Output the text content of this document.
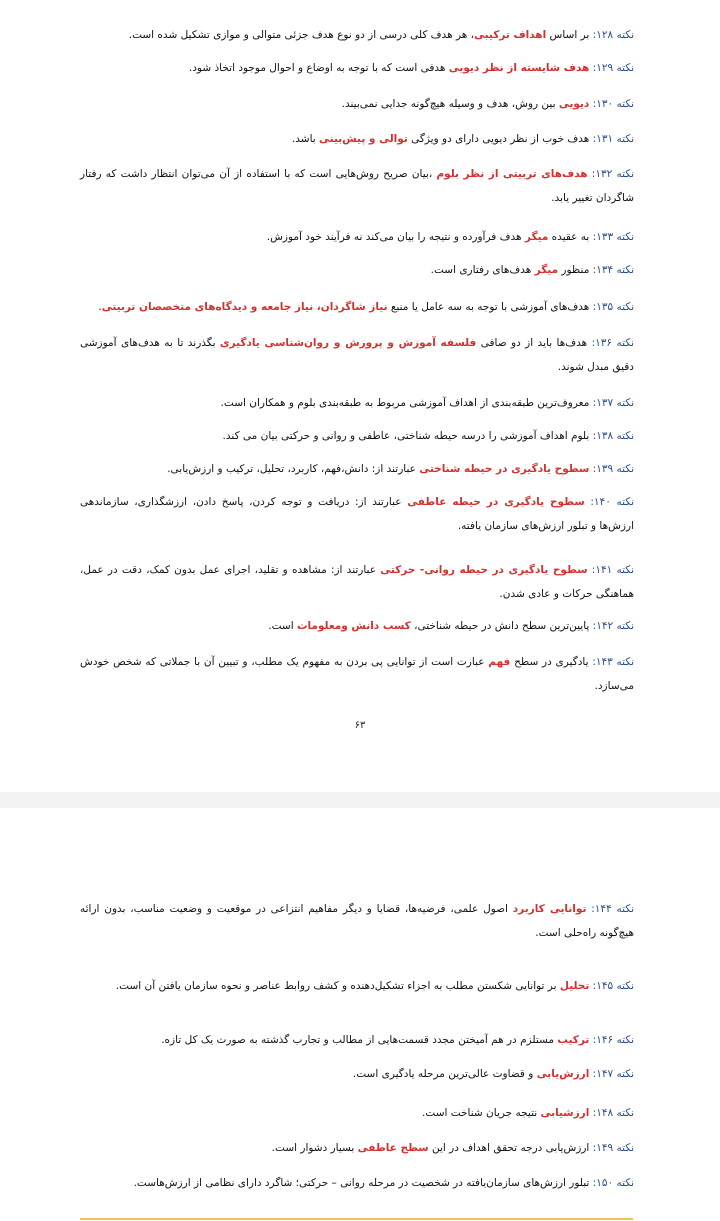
نکته ۱۲۸: بر اساس اهداف ترکیبی، هر هدف کلی درسی از دو نوع هدف جزئی متوالی و موازی تشکیل شده است.

نکته ۱۲۹: هدف شایسته از نظر دیویی هدفی است که با توجه به اوضاع و احوال موجود اتخاذ شود.

نکته ۱۳۰: دیویی بین روش، هدف و وسیله هیچ‌گونه جدایی نمی‌بیند.

نکته ۱۳۱: هدف خوب از نظر دیویی دارای دو ویژگی توالی و پیش‌بینی باشد.

نکته ۱۳۲: هدف‌های تربیتی از نظر بلوم ،بیان صریح روش‌هایی است که با استفاده از آن می‌توان انتظار داشت که رفتار شاگردان تغییر یابد.

نکته ۱۳۳: به عقیده میگر هدف فرآورده و نتیجه را بیان می‌کند نه فرآیند خود آموزش.

نکته ۱۳۴: منظور میگر هدف‌های رفتاری است.

نکته ۱۳۵: هدف‌های آموزشی با توجه به سه عامل یا منبع نیاز شاگردان، نیاز جامعه و دیدگاه‌های متخصصان تربیتی.

نکته ۱۳۶: هدف‌ها باید از دو صافی فلسفه آموزش و پرورش و روان‌شناسی یادگیری بگذرند تا به هدف‌های آموزشی دقیق مبدل شوند.

نکته ۱۳۷: معروف‌ترین طبقه‌بندی از اهداف آموزشی مربوط به طبقه‌بندی بلوم و همکاران است.

نکته ۱۳۸: بلوم اهداف آموزشی را درسه حیطه شناختی، عاطفی و روانی و حرکتی بیان می کند.

نکته ۱۳۹: سطوح یادگیری در حیطه شناختی عبارتند از: دانش،فهم، کاربرد، تحلیل، ترکیب و ارزش‌یابی.

نکته ۱۴۰: سطوح یادگیری در حیطه عاطفی عبارتند از: دریافت و توجه کردن، پاسخ دادن، ارزشگذاری، سازماندهی ارزش‌ها و تبلور ارزش‌های سازمان یافته.

نکته ۱۴۱: سطوح یادگیری در حیطه روانی- حرکتی عبارتند از: مشاهده و تقلید، اجرای عمل بدون کمک، دقت در عمل، هماهنگی حرکات و عادی شدن.

نکته ۱۴۲: پایین‌ترین سطح دانش در حیطه شناختی، کسب دانش ومعلومات است.

نکته ۱۴۳: یادگیری در سطح فهم عبارت است از توانایی پی بردن به مفهوم یک مطلب، و تبیین آن با جملاتی که شخص خودش می‌سازد.

نکته ۱۴۴: توانایی کاربرد اصول علمی، فرضیه‌ها، قضایا و دیگر مفاهیم انتزاعی در موقعیت و وضعیت مناسب، بدون ارائه هیچ‌گونه راه‌حلی است.

نکته ۱۴۵: تحلیل بر توانایی شکستن مطلب به اجزاء تشکیل‌دهنده و کشف روابط عناصر و نحوه سازمان یافتن آن است.

نکته ۱۴۶: ترکیب مستلزم در هم آمیختن مجدد قسمت‌هایی از مطالب و تجارب گذشته به صورت یک کل تازه.

نکته ۱۴۷: ارزش‌یابی و قضاوت عالی‌ترین مرحله یادگیری است.

نکته ۱۴۸: ارزشیابی نتیجه جریان شناخت است.

نکته ۱۴۹: ارزش‌یابی درجه تحقق اهداف در این سطح عاطفی بسیار دشوار است.

نکته ۱۵۰: تبلور ارزش‌های سازمان‌یافته در شخصیت در مرحله روانی – حرکتی؛ شاگرد دارای نظامی از ارزش‌هاست.

۶۳
